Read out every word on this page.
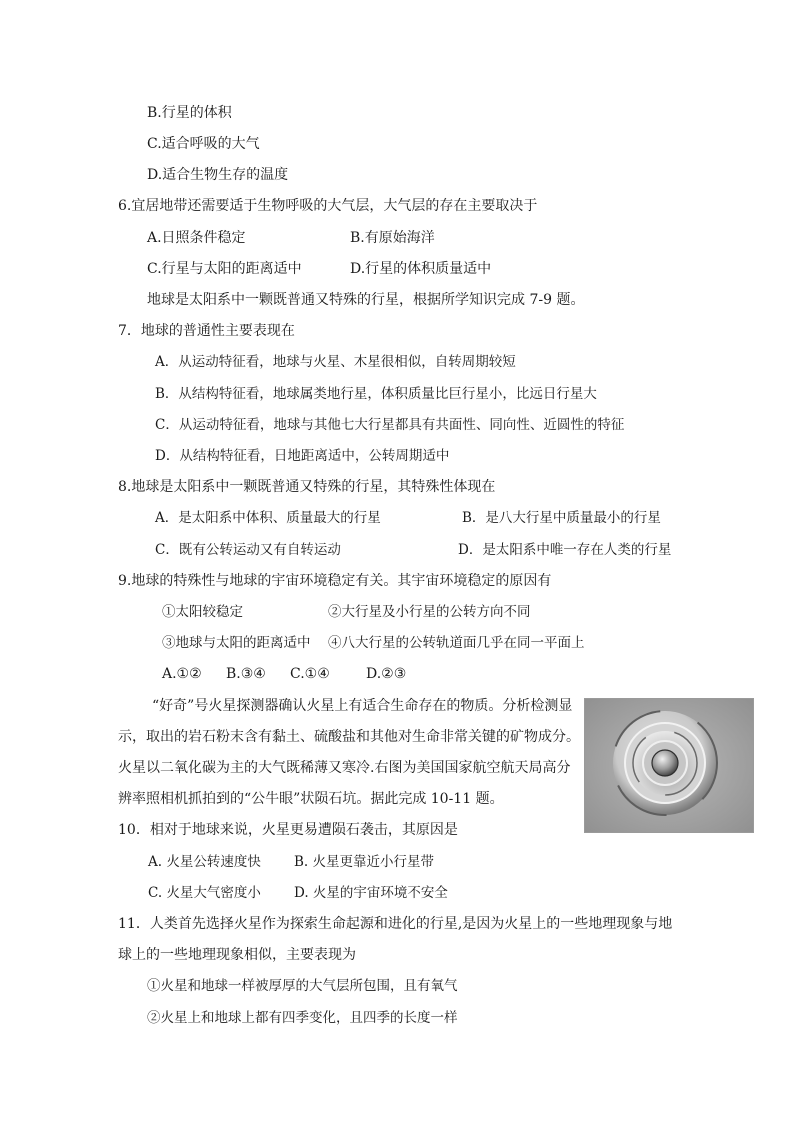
B.行星的体积
C.适合呼吸的大气
D.适合生物生存的温度
6.宜居地带还需要适于生物呼吸的大气层，大气层的存在主要取决于
A.日照条件稳定	B.有原始海洋
C.行星与太阳的距离适中	D.行星的体积质量适中
地球是太阳系中一颗既普通又特殊的行星，根据所学知识完成 7-9 题。
7．地球的普通性主要表现在
A．从运动特征看，地球与火星、木星很相似，自转周期较短
B．从结构特征看，地球属类地行星，体积质量比巨行星小，比远日行星大
C．从运动特征看，地球与其他七大行星都具有共面性、同向性、近圆性的特征
D．从结构特征看，日地距离适中，公转周期适中
8.地球是太阳系中一颗既普通又特殊的行星，其特殊性体现在
A．是太阳系中体积、质量最大的行星	B．是八大行星中质量最小的行星
C．既有公转运动又有自转运动	D．是太阳系中唯一存在人类的行星
9.地球的特殊性与地球的宇宙环境稳定有关。其宇宙环境稳定的原因有
①太阳较稳定	②大行星及小行星的公转方向不同
③地球与太阳的距离适中 ④八大行星的公转轨道面几乎在同一平面上
A.①② B.③④ C.①④	D.②③
“好奇”号火星探测器确认火星上有适合生命存在的物质。分析检测显
示，取出的岩石粉末含有黏土、硫酸盐和其他对生命非常关键的矿物成分。
火星以二氧化碳为主的大气既稀薄又寒冷.右图为美国国家航空航天局高分
辨率照相机抓拍到的“公牛眼”状陨石坑。据此完成 10-11 题。
10．相对于地球来说，火星更易遭陨石袭击，其原因是
A. 火星公转速度快 B. 火星更靠近小行星带
C. 火星大气密度小 D. 火星的宇宙环境不安全
11．人类首先选择火星作为探索生命起源和进化的行星,是因为火星上的一些地理现象与地
球上的一些地理现象相似，主要表现为
①火星和地球一样被厚厚的大气层所包围，且有氧气
②火星上和地球上都有四季变化，且四季的长度一样
